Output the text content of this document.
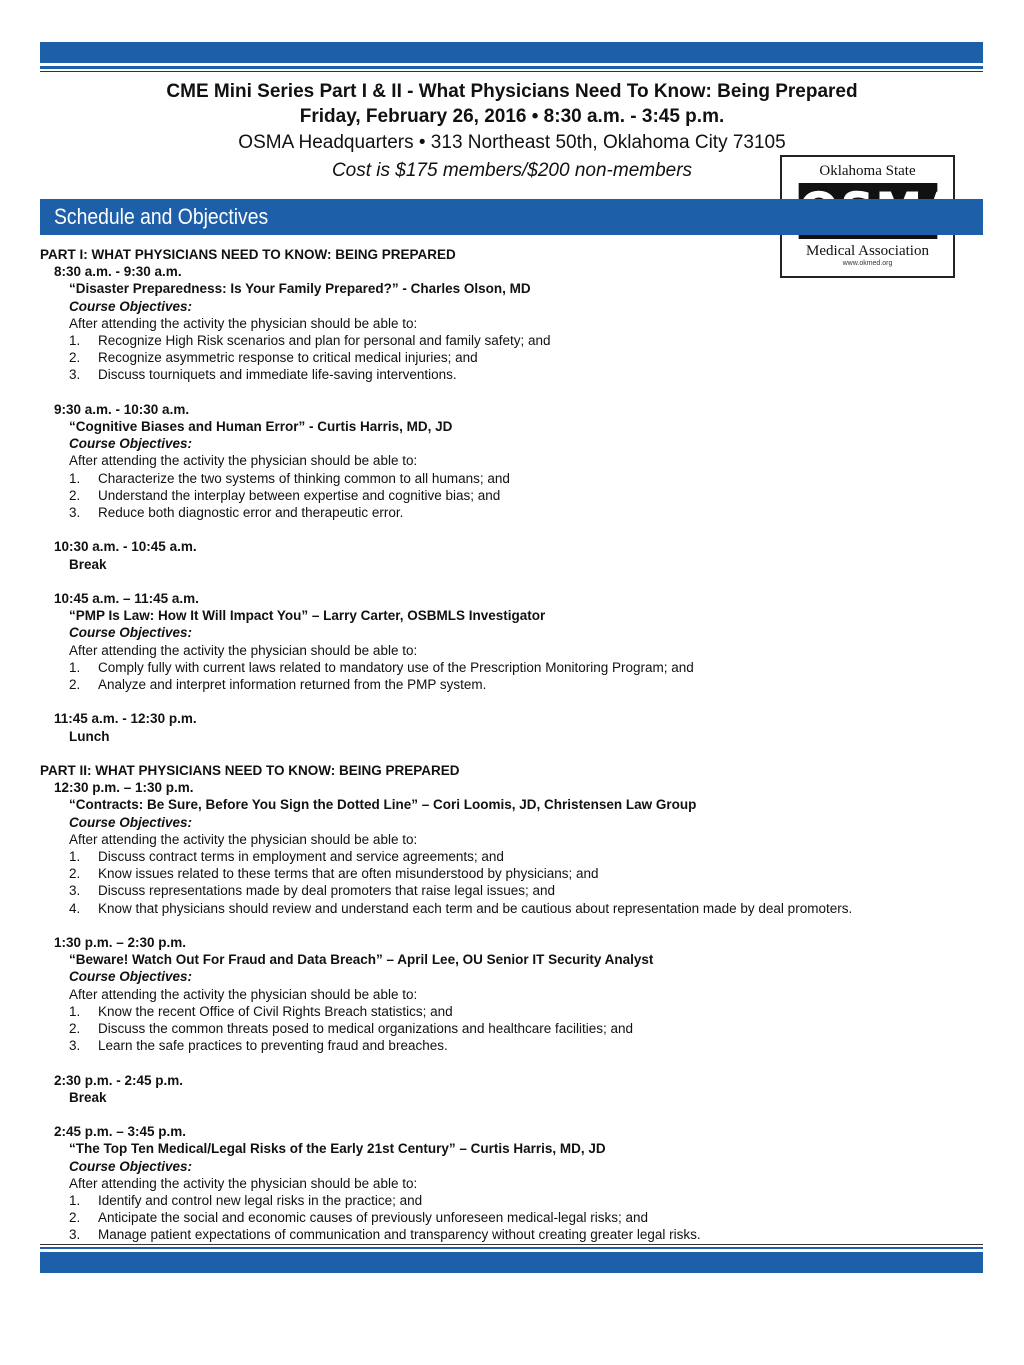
CME Mini Series Part I & II - What Physicians Need To Know: Being Prepared
Friday, February 26, 2016 • 8:30 a.m. - 3:45 p.m.
OSMA Headquarters • 313 Northeast 50th, Oklahoma City 73105
Cost is $175 members/$200 non-members	Oklahoma State
Medical Association
www.okmed.org
Schedule and Objectives
PART I: WHAT PHYSICIANS NEED TO KNOW: BEING PREPARED
8:30 a.m. - 9:30 a.m.
“Disaster Preparedness: Is Your Family Prepared?” - Charles Olson, MD
Course Objectives:
After attending the activity the physician should be able to:
1. Recognize High Risk scenarios and plan for personal and family safety; and
2. Recognize asymmetric response to critical medical injuries; and
3. Discuss tourniquets and immediate life-saving interventions.
9:30 a.m. - 10:30 a.m.
“Cognitive Biases and Human Error” - Curtis Harris, MD, JD
Course Objectives:
After attending the activity the physician should be able to:
1. Characterize the two systems of thinking common to all humans; and
2. Understand the interplay between expertise and cognitive bias; and
3. Reduce both diagnostic error and therapeutic error.
10:30 a.m. - 10:45 a.m.
Break
10:45 a.m. – 11:45 a.m.
“PMP Is Law: How It Will Impact You” – Larry Carter, OSBMLS Investigator
Course Objectives:
After attending the activity the physician should be able to:
1. Comply fully with current laws related to mandatory use of the Prescription Monitoring Program; and
2. Analyze and interpret information returned from the PMP system.
11:45 a.m. - 12:30 p.m.
Lunch
PART II: WHAT PHYSICIANS NEED TO KNOW: BEING PREPARED
12:30 p.m. – 1:30 p.m.
“Contracts: Be Sure, Before You Sign the Dotted Line” – Cori Loomis, JD, Christensen Law Group
Course Objectives:
After attending the activity the physician should be able to:
1. Discuss contract terms in employment and service agreements; and
2. Know issues related to these terms that are often misunderstood by physicians; and
3. Discuss representations made by deal promoters that raise legal issues; and
4. Know that physicians should review and understand each term and be cautious about representation made by deal promoters.
1:30 p.m. – 2:30 p.m.
“Beware! Watch Out For Fraud and Data Breach” – April Lee, OU Senior IT Security Analyst
Course Objectives:
After attending the activity the physician should be able to:
1. Know the recent Office of Civil Rights Breach statistics; and
2. Discuss the common threats posed to medical organizations and healthcare facilities; and
3. Learn the safe practices to preventing fraud and breaches.
2:30 p.m. - 2:45 p.m.
Break
2:45 p.m. – 3:45 p.m.
“The Top Ten Medical/Legal Risks of the Early 21st Century” – Curtis Harris, MD, JD
Course Objectives:
After attending the activity the physician should be able to:
1. Identify and control new legal risks in the practice; and
2. Anticipate the social and economic causes of previously unforeseen medical-legal risks; and
3. Manage patient expectations of communication and transparency without creating greater legal risks.
